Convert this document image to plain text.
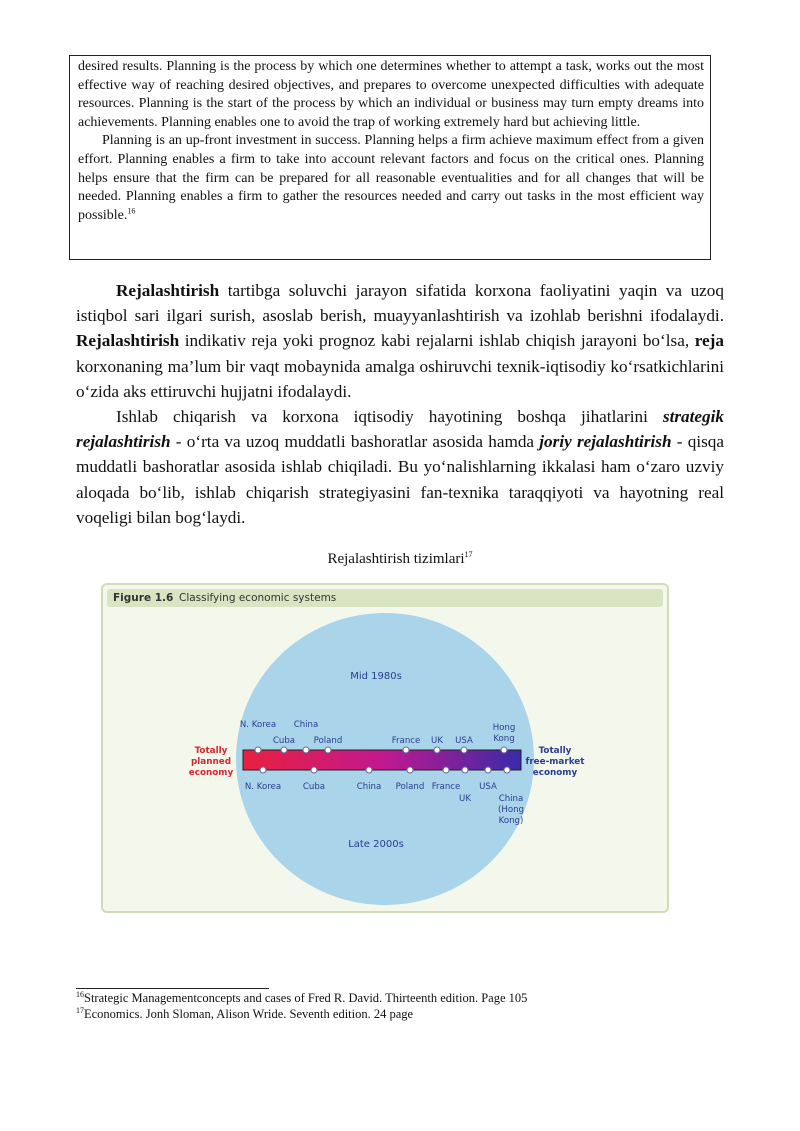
desired results. Planning is the process by which one determines whether to attempt a task, works out the most effective way of reaching desired objectives, and prepares to overcome unexpected difficulties with adequate resources. Planning is the start of the process by which an individual or business may turn empty dreams into achievements. Planning enables one to avoid the trap of working extremely hard but achieving little.

Planning is an up-front investment in success. Planning helps a firm achieve maximum effect from a given effort. Planning enables a firm to take into account relevant factors and focus on the critical ones. Planning helps ensure that the firm can be prepared for all reasonable eventualities and for all changes that will be needed. Planning enables a firm to gather the resources needed and carry out tasks in the most efficient way possible.$^{16}$

Rejalashtirish tartibga soluvchi jarayon sifatida korxona faoliyatini yaqin va uzoq istiqbol sari ilgari surish, asoslab berish, muayyanlashtirish va izohlab berishni ifodalaydi. Rejalashtirish indikativ reja yoki prognoz kabi rejalarni ishlab chiqish jarayoni bo‘lsa, reja korxonaning ma’lum bir vaqt mobaynida amalga oshiruvchi texnik-iqtisodiy ko‘rsatkichlarini o‘zida aks ettiruvchi hujjatni ifodalaydi.

Ishlab chiqarish va korxona iqtisodiy hayotining boshqa jihatlarini strategik rejalashtirish - o‘rta va uzoq muddatli bashoratlar asosida hamda joriy rejalashtirish - qisqa muddatli bashoratlar asosida ishlab chiqiladi. Bu yo‘nalishlarning ikkalasi ham o‘zaro uzviy aloqada bo‘lib, ishlab chiqarish strategiyasini fan-texnika taraqqiyoti va hayotning real voqeligi bilan bog‘laydi.

Rejalashtirish tizimlari$^{17}$
Figure 1.6 Classifying economic systems
Mid 1980s
Late 2000s
Totally
planned
economy
Totally
free-market
economy
N. Korea
Cuba
China
Poland	France UK USA
Hong
Kong
N. Korea	Cuba	China Poland France
UK
USA
China
(Hong
Kong)
$^{16}$Strategic Managementconcepts and cases of Fred R. David. Thirteenth edition. Page 105
$^{17}$Economics. Jonh Sloman, Alison Wride. Seventh edition. 24 page
